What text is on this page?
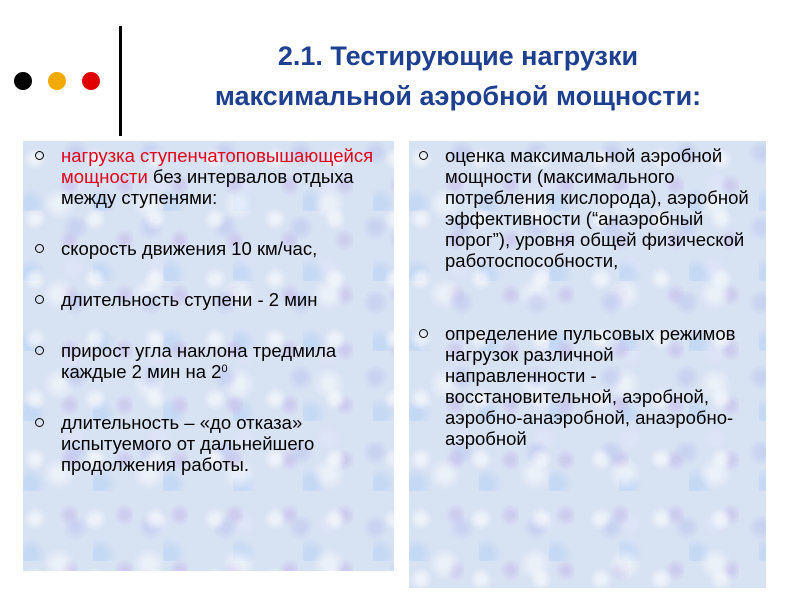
2.1. Тестирующие нагрузки
максимальной аэробной мощности:
нагрузка ступенчатоповышающейся мощности без интервалов отдыха между ступенями:
скорость движения 10 км/час,
длительность ступени - 2 мин
прирост угла наклона тредмила каждые 2 мин на $2^0$
длительность – «до отказа» испытуемого от дальнейшего продолжения работы.
оценка максимальной аэробной мощности (максимального потребления кислорода), аэробной эффективности (“анаэробный порог”), уровня общей физической работоспособности,
определение пульсовых режимов нагрузок различной направленности - восстановительной, аэробной, аэробно-анаэробной, анаэробно-аэробной
